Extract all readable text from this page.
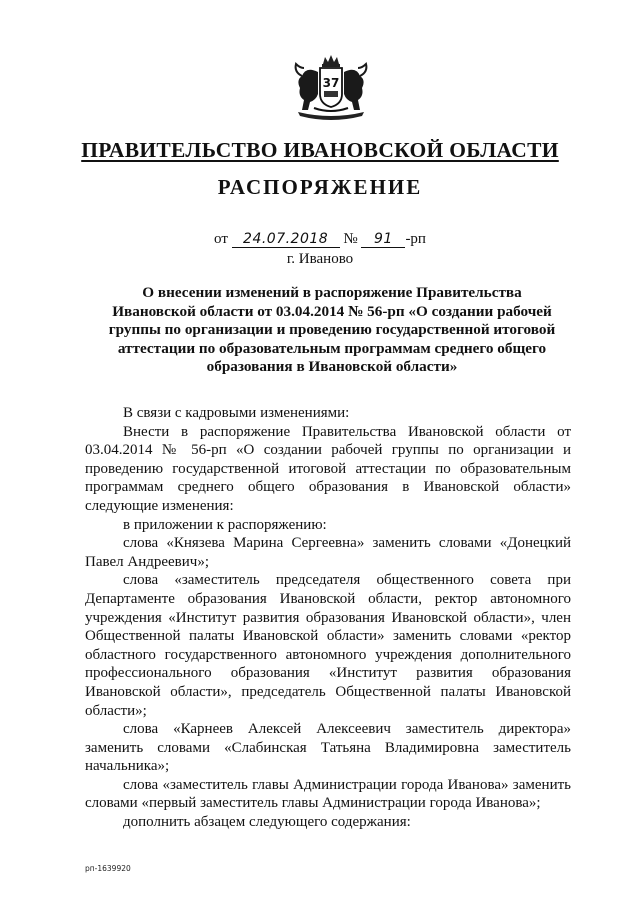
37
ПРАВИТЕЛЬСТВО ИВАНОВСКОЙ ОБЛАСТИ
РАСПОРЯЖЕНИЕ
от 24.07.2018 № 91 -рп
г. Иваново
О внесении изменений в распоряжение Правительства
Ивановской области от 03.04.2014 № 56-рп «О создании рабочей
группы по организации и проведению государственной итоговой
аттестации по образовательным программам среднего общего
образования в Ивановской области»

В связи с кадровыми изменениями:

Внести в распоряжение Правительства Ивановской области от 03.04.2014 № 56-рп «О создании рабочей группы по организации и проведению государственной итоговой аттестации по образовательным программам среднего общего образования в Ивановской области» следующие изменения:

в приложении к распоряжению:

слова «Князева Марина Сергеевна» заменить словами «Донецкий Павел Андреевич»;

слова «заместитель председателя общественного совета при Департаменте образования Ивановской области, ректор автономного учреждения «Институт развития образования Ивановской области», член Общественной палаты Ивановской области» заменить словами «ректор областного государственного автономного учреждения дополнительного профессионального образования «Институт развития образования Ивановской области», председатель Общественной палаты Ивановской области»;

слова «Карнеев Алексей Алексеевич заместитель директора» заменить словами «Слабинская Татьяна Владимировна заместитель начальника»;

слова «заместитель главы Администрации города Иванова» заменить словами «первый заместитель главы Администрации города Иванова»;

дополнить абзацем следующего содержания:

рп-1639920
